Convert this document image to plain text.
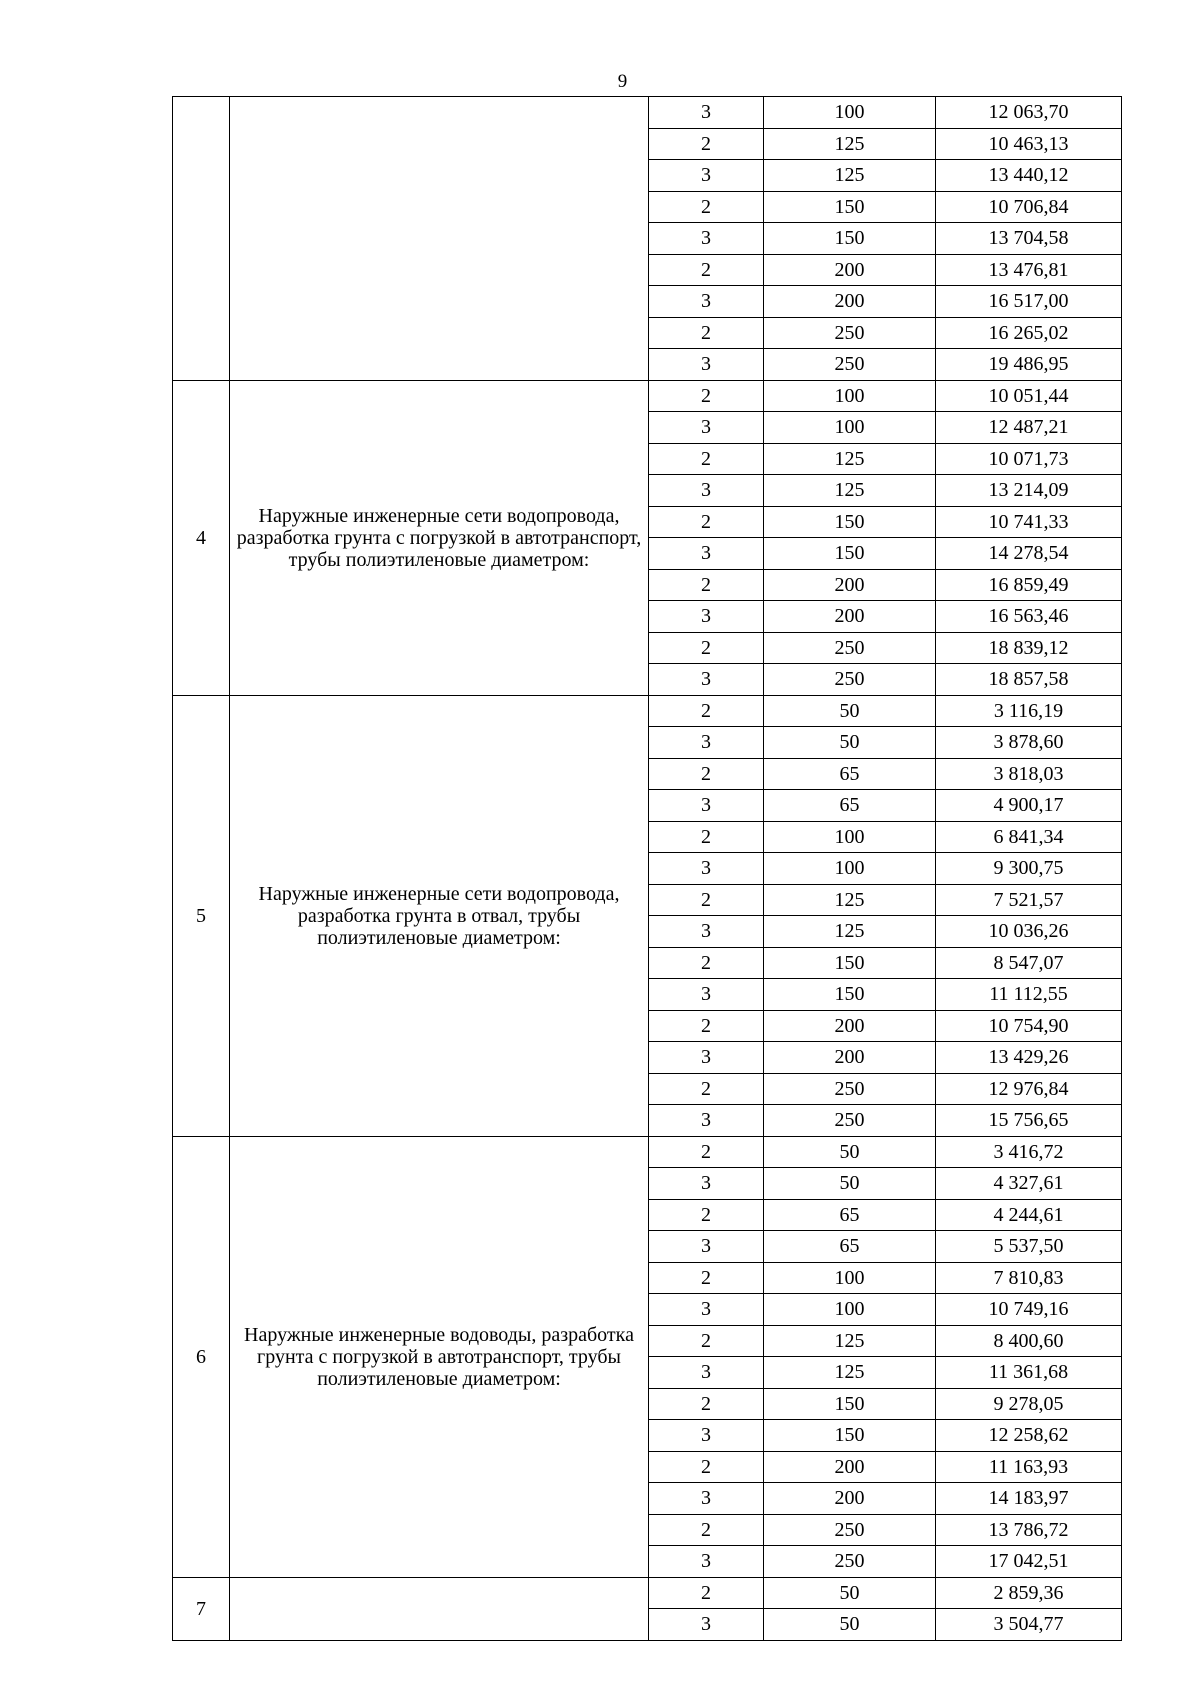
9
		3	100	12 063,70
		2	125	10 463,13
		3	125	13 440,12
		2	150	10 706,84
		3	150	13 704,58
		2	200	13 476,81
		3	200	16 517,00
		2	250	16 265,02
		3	250	19 486,95
4	Наружные инженерные сети водопровода, разработка грунта с погрузкой в автотранспорт, трубы полиэтиленовые диаметром:	2	100	10 051,44
		3	100	12 487,21
		2	125	10 071,73
		3	125	13 214,09
		2	150	10 741,33
		3	150	14 278,54
		2	200	16 859,49
		3	200	16 563,46
		2	250	18 839,12
		3	250	18 857,58
5	Наружные инженерные сети водопровода, разработка грунта в отвал, трубы полиэтиленовые диаметром:	2	50	3 116,19
		3	50	3 878,60
		2	65	3 818,03
		3	65	4 900,17
		2	100	6 841,34
		3	100	9 300,75
		2	125	7 521,57
		3	125	10 036,26
		2	150	8 547,07
		3	150	11 112,55
		2	200	10 754,90
		3	200	13 429,26
		2	250	12 976,84
		3	250	15 756,65
6	Наружные инженерные водоводы, разработка грунта с погрузкой в автотранспорт, трубы полиэтиленовые диаметром:	2	50	3 416,72
		3	50	4 327,61
		2	65	4 244,61
		3	65	5 537,50
		2	100	7 810,83
		3	100	10 749,16
		2	125	8 400,60
		3	125	11 361,68
		2	150	9 278,05
		3	150	12 258,62
		2	200	11 163,93
		3	200	14 183,97
		2	250	13 786,72
		3	250	17 042,51
7		2	50	2 859,36
		3	50	3 504,77
